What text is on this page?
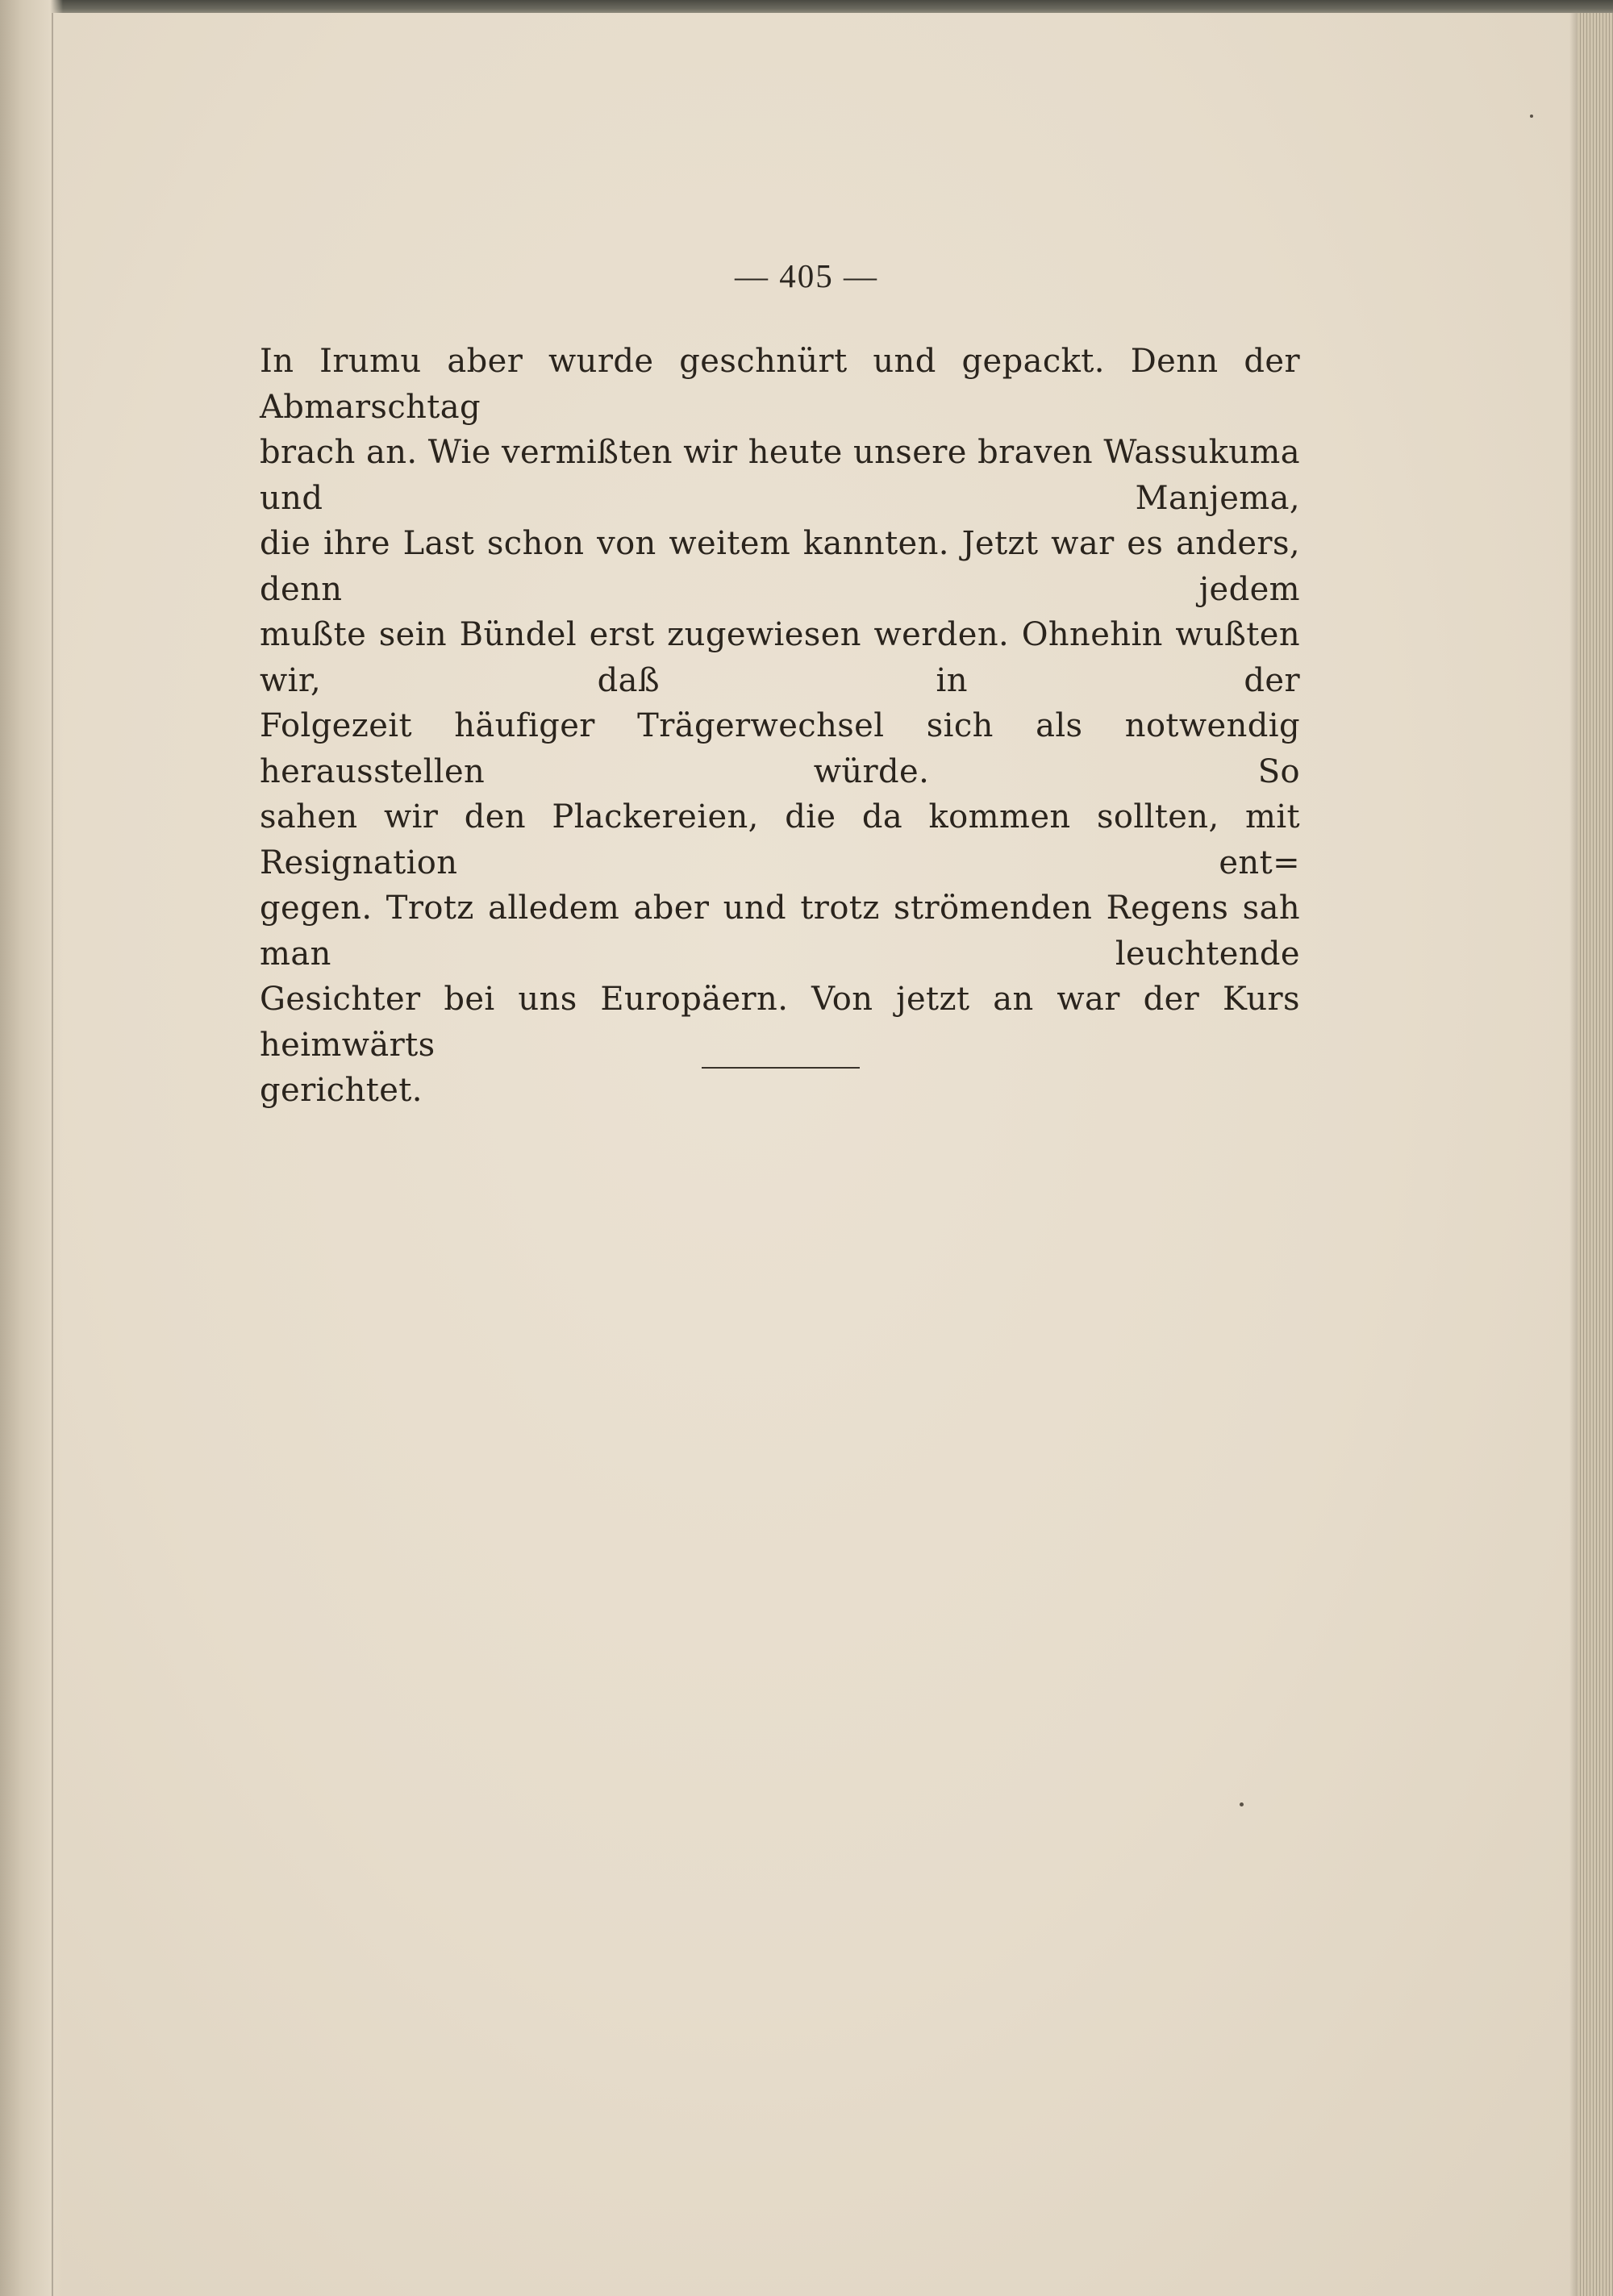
— 405 —
In Irumu aber wurde geschnürt und gepackt. Denn der Abmarschtag
brach an. Wie vermißten wir heute unsere braven Wassukuma und Manjema,
die ihre Last schon von weitem kannten. Jetzt war es anders, denn jedem
mußte sein Bündel erst zugewiesen werden. Ohnehin wußten wir, daß in der
Folgezeit häufiger Trägerwechsel sich als notwendig herausstellen würde. So
sahen wir den Plackereien, die da kommen sollten, mit Resignation ent=
gegen. Trotz alledem aber und trotz strömenden Regens sah man leuchtende
Gesichter bei uns Europäern. Von jetzt an war der Kurs heimwärts
gerichtet.
